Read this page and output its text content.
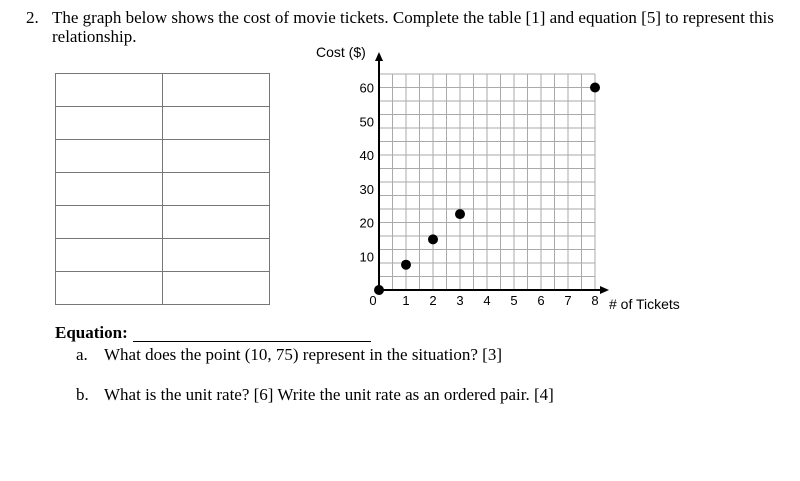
2. The graph below shows the cost of movie tickets. Complete the table [1] and equation [5] to represent this relationship.

0 1 2 3 4 5 6 7 8
10
20
30
40
50
60
Cost ($)
# of Tickets
Equation:
a. What does the point (10, 75) represent in the situation? [3]
b. What is the unit rate? [6] Write the unit rate as an ordered pair. [4]
